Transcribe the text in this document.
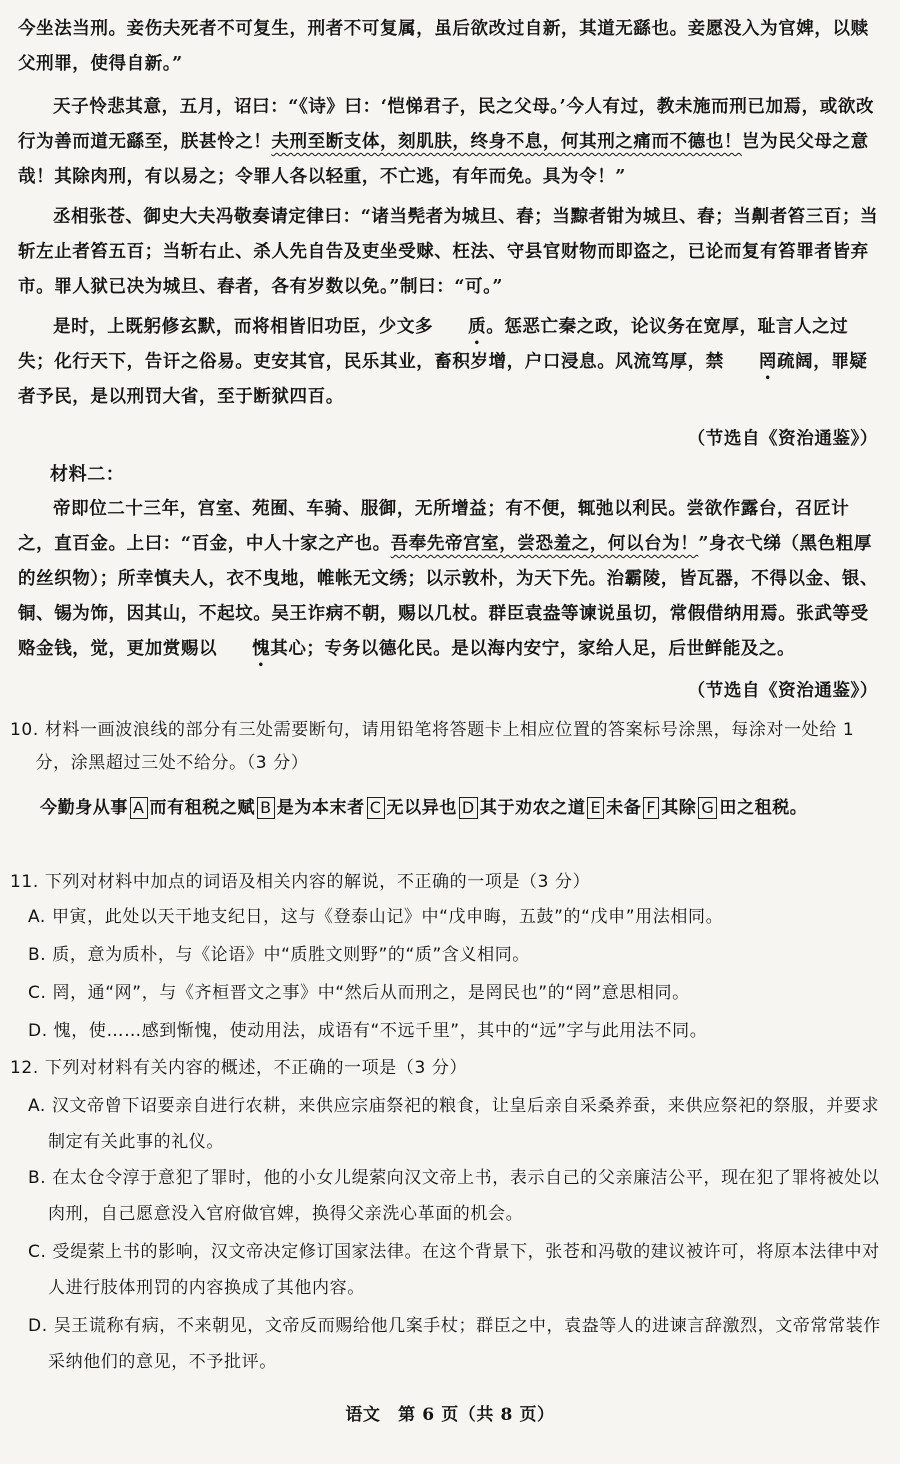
今坐法当刑。妾伤夫死者不可复生，刑者不可复属，虽后欲改过自新，其道无繇也。妾愿没入为官婢，以赎父刑罪，使得自新。”

天子怜悲其意，五月，诏曰：“《诗》曰：‘恺悌君子，民之父母。’今人有过，教未施而刑已加焉，或欲改行为善而道无繇至，朕甚怜之！夫刑至断支体，刻肌肤，终身不息，何其刑之痛而不德也！岂为民父母之意哉！其除肉刑，有以易之；令罪人各以轻重，不亡逃，有年而免。具为令！”

丞相张苍、御史大夫冯敬奏请定律曰：“诸当髡者为城旦、舂；当黥者钳为城旦、舂；当劓者笞三百；当斩左止者笞五百；当斩右止、杀人先自告及吏坐受赇、枉法、守县官财物而即盗之，已论而复有笞罪者皆弃市。罪人狱已决为城旦、舂者，各有岁数以免。”制曰：“可。”

是时，上既躬修玄默，而将相皆旧功臣，少文多 质。惩恶亡秦之政，论议务在宽厚，耻言人之过失；化行天下，告讦之俗易。吏安其官，民乐其业，畜积岁增，户口浸息。风流笃厚，禁 罔疏阔，罪疑者予民，是以刑罚大省，至于断狱四百。

（节选自《资治通鉴》）
材料二：

帝即位二十三年，宫室、苑囿、车骑、服御，无所增益；有不便，辄弛以利民。尝欲作露台，召匠计之，直百金。上曰：“百金，中人十家之产也。吾奉先帝宫室，尝恐羞之，何以台为！”身衣弋绨（黑色粗厚的丝织物）；所幸慎夫人，衣不曳地，帷帐无文绣；以示敦朴，为天下先。治霸陵，皆瓦器，不得以金、银、铜、锡为饰，因其山，不起坟。吴王诈病不朝，赐以几杖。群臣袁盎等谏说虽切，常假借纳用焉。张武等受赂金钱，觉，更加赏赐以 愧其心；专务以德化民。是以海内安宁，家给人足，后世鲜能及之。

（节选自《资治通鉴》）

10. 材料一画波浪线的部分有三处需要断句，请用铅笔将答题卡上相应位置的答案标号涂黑，每涂对一处给 1 分，涂黑超过三处不给分。（3 分）

今勤身从事 A 而有租税之赋 B 是为本末者 C 无以异也 D 其于劝农之道 E 未备 F 其除 G 田之租税。

11. 下列对材料中加点的词语及相关内容的解说，不正确的一项是（3 分）

A. 甲寅，此处以天干地支纪日，这与《登泰山记》中“戊申晦，五鼓”的“戊申”用法相同。

B. 质，意为质朴，与《论语》中“质胜文则野”的“质”含义相同。

C. 罔，通“网”，与《齐桓晋文之事》中“然后从而刑之，是罔民也”的“罔”意思相同。

D. 愧，使……感到惭愧，使动用法，成语有“不远千里”，其中的“远”字与此用法不同。

12. 下列对材料有关内容的概述，不正确的一项是（3 分）

A. 汉文帝曾下诏要亲自进行农耕，来供应宗庙祭祀的粮食，让皇后亲自采桑养蚕，来供应祭祀的祭服，并要求制定有关此事的礼仪。

B. 在太仓令淳于意犯了罪时，他的小女儿缇萦向汉文帝上书，表示自己的父亲廉洁公平，现在犯了罪将被处以肉刑，自己愿意没入官府做官婢，换得父亲洗心革面的机会。

C. 受缇萦上书的影响，汉文帝决定修订国家法律。在这个背景下，张苍和冯敬的建议被许可，将原本法律中对人进行肢体刑罚的内容换成了其他内容。

D. 吴王谎称有病，不来朝见，文帝反而赐给他几案手杖；群臣之中，袁盎等人的进谏言辞激烈，文帝常常装作采纳他们的意见，不予批评。

语文　第 6 页（共 8 页）
